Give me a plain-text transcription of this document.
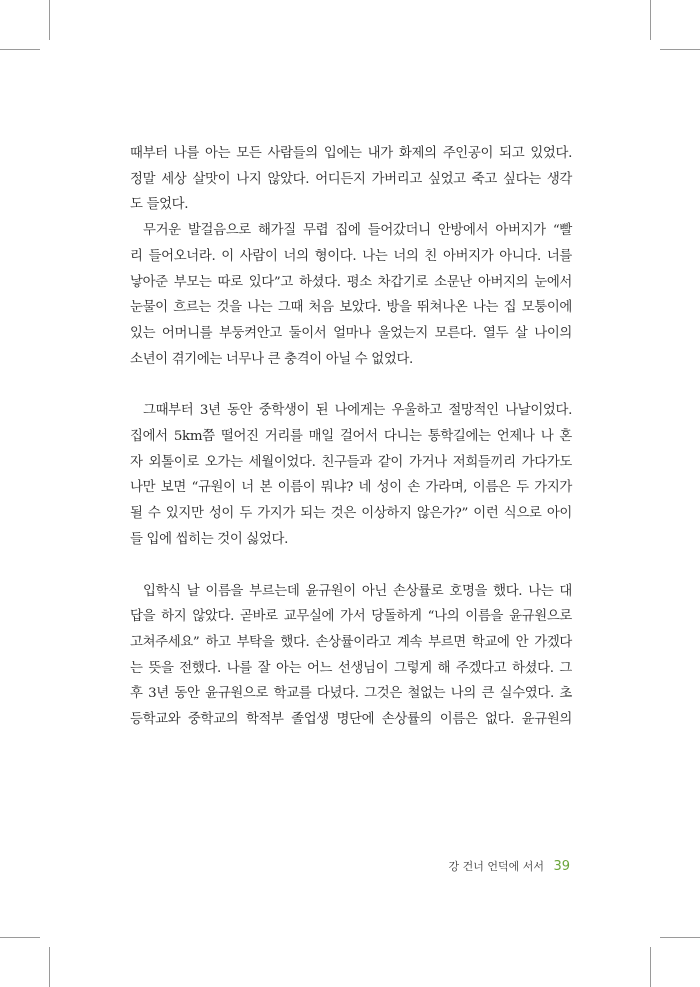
때부터 나를 아는 모든 사람들의 입에는 내가 화제의 주인공이 되고 있었다.
정말 세상 살맛이 나지 않았다. 어디든지 가버리고 싶었고 죽고 싶다는 생각
도 들었다.

무거운 발걸음으로 해가질 무렵 집에 들어갔더니 안방에서 아버지가 “빨
리 들어오너라. 이 사람이 너의 형이다. 나는 너의 친 아버지가 아니다. 너를
낳아준 부모는 따로 있다”고 하셨다. 평소 차갑기로 소문난 아버지의 눈에서
눈물이 흐르는 것을 나는 그때 처음 보았다. 방을 뛰쳐나온 나는 집 모퉁이에
있는 어머니를 부둥켜안고 둘이서 얼마나 울었는지 모른다. 열두 살 나이의
소년이 겪기에는 너무나 큰 충격이 아닐 수 없었다.

그때부터 3년 동안 중학생이 된 나에게는 우울하고 절망적인 나날이었다.
집에서 5km쯤 떨어진 거리를 매일 걸어서 다니는 통학길에는 언제나 나 혼
자 외톨이로 오가는 세월이었다. 친구들과 같이 가거나 저희들끼리 가다가도
나만 보면 “규원이 너 본 이름이 뭐냐? 네 성이 손 가라며, 이름은 두 가지가
될 수 있지만 성이 두 가지가 되는 것은 이상하지 않은가?” 이런 식으로 아이
들 입에 씹히는 것이 싫었다.

입학식 날 이름을 부르는데 윤규원이 아닌 손상률로 호명을 했다. 나는 대
답을 하지 않았다. 곧바로 교무실에 가서 당돌하게 “나의 이름을 윤규원으로
고쳐주세요” 하고 부탁을 했다. 손상률이라고 계속 부르면 학교에 안 가겠다
는 뜻을 전했다. 나를 잘 아는 어느 선생님이 그렇게 해 주겠다고 하셨다. 그
후 3년 동안 윤규원으로 학교를 다녔다. 그것은 철없는 나의 큰 실수였다. 초
등학교와 중학교의 학적부 졸업생 명단에 손상률의 이름은 없다. 윤규원의

강 건너 언덕에 서서 39
